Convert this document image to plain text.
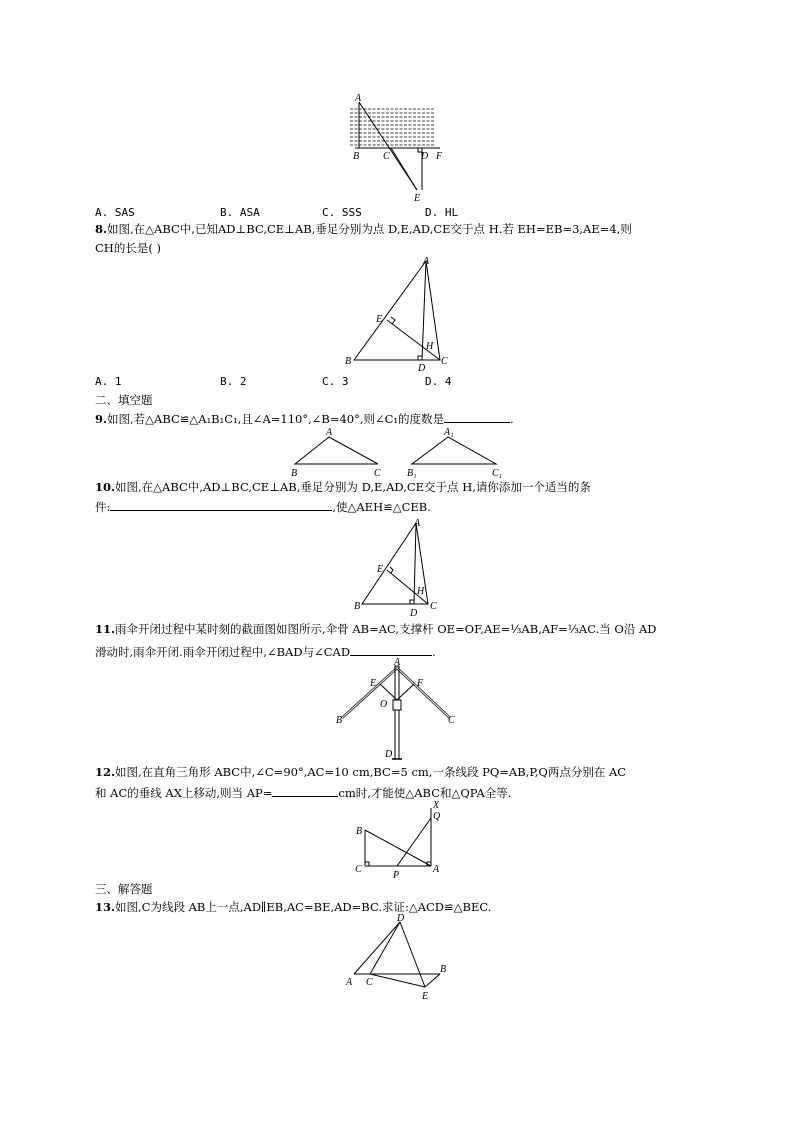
A
B C	D F
E
A. SAS	B. ASA	C. SSS	D. HL
8.如图,在△ABC中,已知AD⊥BC,CE⊥AB,垂足分别为点 D,E,AD,CE交于点 H.若 EH=EB=3,AE=4,则
CH的长是( )
A
E
H
B
D
C
A. 1	B. 2	C. 3	D. 4
二、填空题
9.如图,若△ABC≌△A₁B₁C₁,且∠A=110°,∠B=40°,则∠C₁的度数是	.
A
B	C
A₁
B₁	C₁
10.如图,在△ABC中,AD⊥BC,CE⊥AB,垂足分别为 D,E,AD,CE交于点 H,请你添加一个适当的条
件:	,使△AEH≌△CEB.
A
E
H
B
D
C
11.雨伞开闭过程中某时刻的截面图如图所示,伞骨 AB=AC,支撑杆 OE=OF,AE=⅓AB,AF=⅓AC.当 O沿 AD
滑动时,雨伞开闭.雨伞开闭过程中,∠BAD与∠CAD	.
A
E	F
O
B	C
D
12.如图,在直角三角形 ABC中,∠C=90°,AC=10 cm,BC=5 cm,一条线段 PQ=AB,P,Q两点分别在 AC
和 AC的垂线 AX上移动,则当 AP=	cm时,才能使△ABC和△QPA全等.
X
Q
B
C
P
A
三、解答题
13.如图,C为线段 AB上一点,AD∥EB,AC=BE,AD=BC.求证:△ACD≌△BEC.
D
A C
B
E
